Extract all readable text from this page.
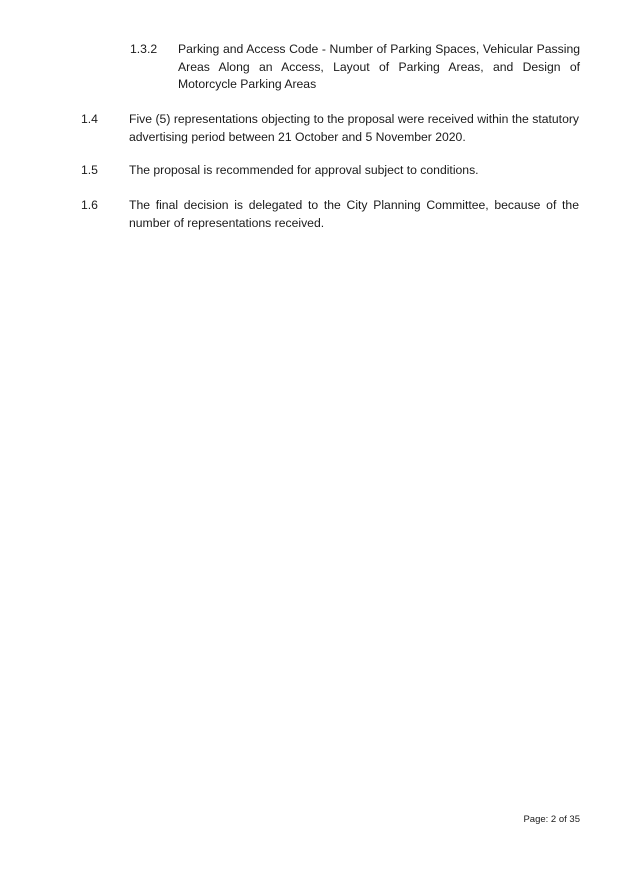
1.3.2	Parking and Access Code - Number of Parking Spaces, Vehicular Passing Areas Along an Access, Layout of Parking Areas, and Design of Motorcycle Parking Areas
1.4	Five (5) representations objecting to the proposal were received within the statutory advertising period between 21 October and 5 November 2020.
1.5	The proposal is recommended for approval subject to conditions.
1.6	The final decision is delegated to the City Planning Committee, because of the number of representations received.
Page: 2 of 35
